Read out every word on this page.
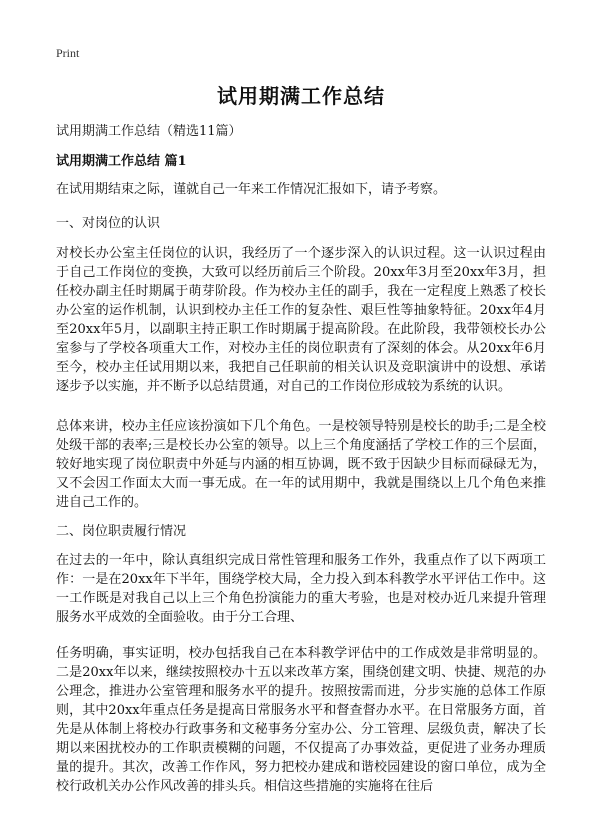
Print
试用期满工作总结
试用期满工作总结（精选11篇）
试用期满工作总结 篇1
在试用期结束之际，谨就自己一年来工作情况汇报如下，请予考察。
一、对岗位的认识
对校长办公室主任岗位的认识，我经历了一个逐步深入的认识过程。这一认识过程由于自己工作岗位的变换，大致可以经历前后三个阶段。20xx年3月至20xx年3月，担任校办副主任时期属于萌芽阶段。作为校办主任的副手，我在一定程度上熟悉了校长办公室的运作机制，认识到校办主任工作的复杂性、艰巨性等抽象特征。20xx年4月至20xx年5月，以副职主持正职工作时期属于提高阶段。在此阶段，我带领校长办公室参与了学校各项重大工作，对校办主任的岗位职责有了深刻的体会。从20xx年6月至今，校办主任试用期以来，我把自己任职前的相关认识及竞职演讲中的设想、承诺逐步予以实施，并不断予以总结贯通，对自己的工作岗位形成较为系统的认识。
总体来讲，校办主任应该扮演如下几个角色。一是校领导特别是校长的助手;二是全校处级干部的表率;三是校长办公室的领导。以上三个角度涵括了学校工作的三个层面，较好地实现了岗位职责中外延与内涵的相互协调，既不致于因缺少目标而碌碌无为，又不会因工作面太大而一事无成。在一年的试用期中，我就是围绕以上几个角色来推进自己工作的。
二、岗位职责履行情况
在过去的一年中，除认真组织完成日常性管理和服务工作外，我重点作了以下两项工作：一是在20xx年下半年，围绕学校大局，全力投入到本科教学水平评估工作中。这一工作既是对我自己以上三个角色扮演能力的重大考验，也是对校办近几来提升管理服务水平成效的全面验收。由于分工合理、
任务明确，事实证明，校办包括我自己在本科教学评估中的工作成效是非常明显的。二是20xx年以来，继续按照校办十五以来改革方案，围绕创建文明、快捷、规范的办公理念，推进办公室管理和服务水平的提升。按照按需而进，分步实施的总体工作原则，其中20xx年重点任务是提高日常服务水平和督查督办水平。在日常服务方面，首先是从体制上将校办行政事务和文秘事务分室办公、分工管理、层级负责，解决了长期以来困扰校办的工作职责模糊的问题，不仅提高了办事效益，更促进了业务办理质量的提升。其次，改善工作作风，努力把校办建成和谐校园建设的窗口单位，成为全校行政机关办公作风改善的排头兵。相信这些措施的实施将在往后
